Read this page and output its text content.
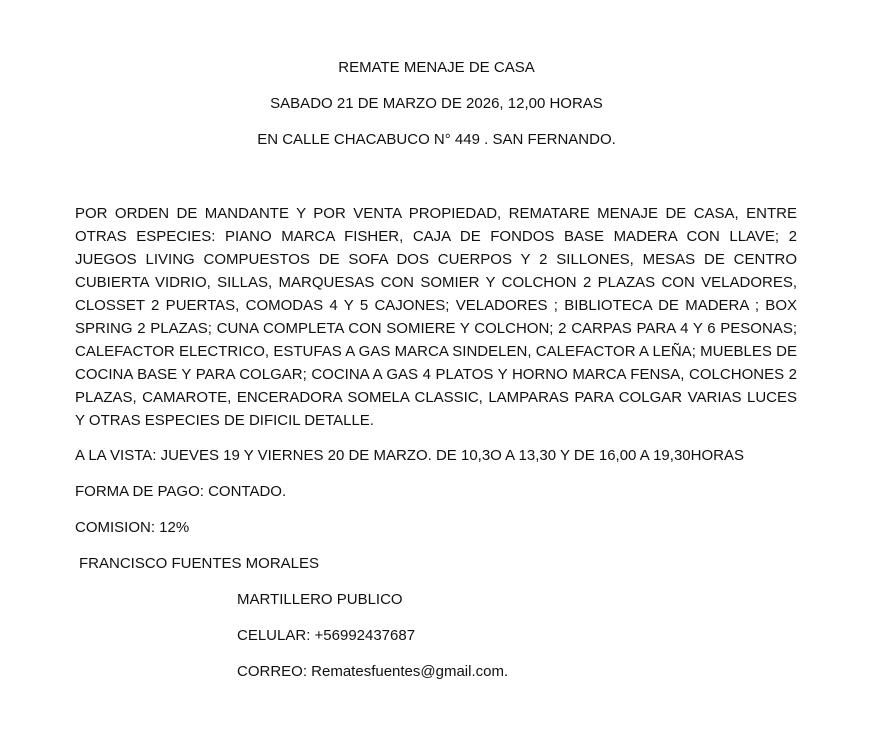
REMATE MENAJE DE CASA
SABADO 21 DE MARZO DE 2026, 12,00 HORAS
EN CALLE CHACABUCO N° 449 . SAN FERNANDO.

POR ORDEN DE MANDANTE Y POR VENTA PROPIEDAD, REMATARE MENAJE DE CASA, ENTRE OTRAS ESPECIES: PIANO MARCA FISHER, CAJA DE FONDOS BASE MADERA CON LLAVE; 2 JUEGOS LIVING COMPUESTOS DE SOFA DOS CUERPOS Y 2 SILLONES, MESAS DE CENTRO CUBIERTA VIDRIO, SILLAS, MARQUESAS CON SOMIER Y COLCHON 2 PLAZAS CON VELADORES, CLOSSET 2 PUERTAS, COMODAS 4 Y 5 CAJONES; VELADORES ; BIBLIOTECA DE MADERA ; BOX SPRING 2 PLAZAS; CUNA COMPLETA CON SOMIERE Y COLCHON; 2 CARPAS PARA 4 Y 6 PESONAS; CALEFACTOR ELECTRICO, ESTUFAS A GAS MARCA SINDELEN, CALEFACTOR A LEÑA; MUEBLES DE COCINA BASE Y PARA COLGAR; COCINA A GAS 4 PLATOS Y HORNO MARCA FENSA, COLCHONES 2 PLAZAS, CAMAROTE, ENCERADORA SOMELA CLASSIC, LAMPARAS PARA COLGAR VARIAS LUCES Y OTRAS ESPECIES DE DIFICIL DETALLE.

A LA VISTA: JUEVES 19 Y VIERNES 20 DE MARZO. DE 10,3O A 13,30 Y DE 16,00 A 19,30HORAS
FORMA DE PAGO: CONTADO.
COMISION: 12%
FRANCISCO FUENTES MORALES
MARTILLERO PUBLICO
CELULAR: +56992437687
CORREO: Rematesfuentes@gmail.com.
